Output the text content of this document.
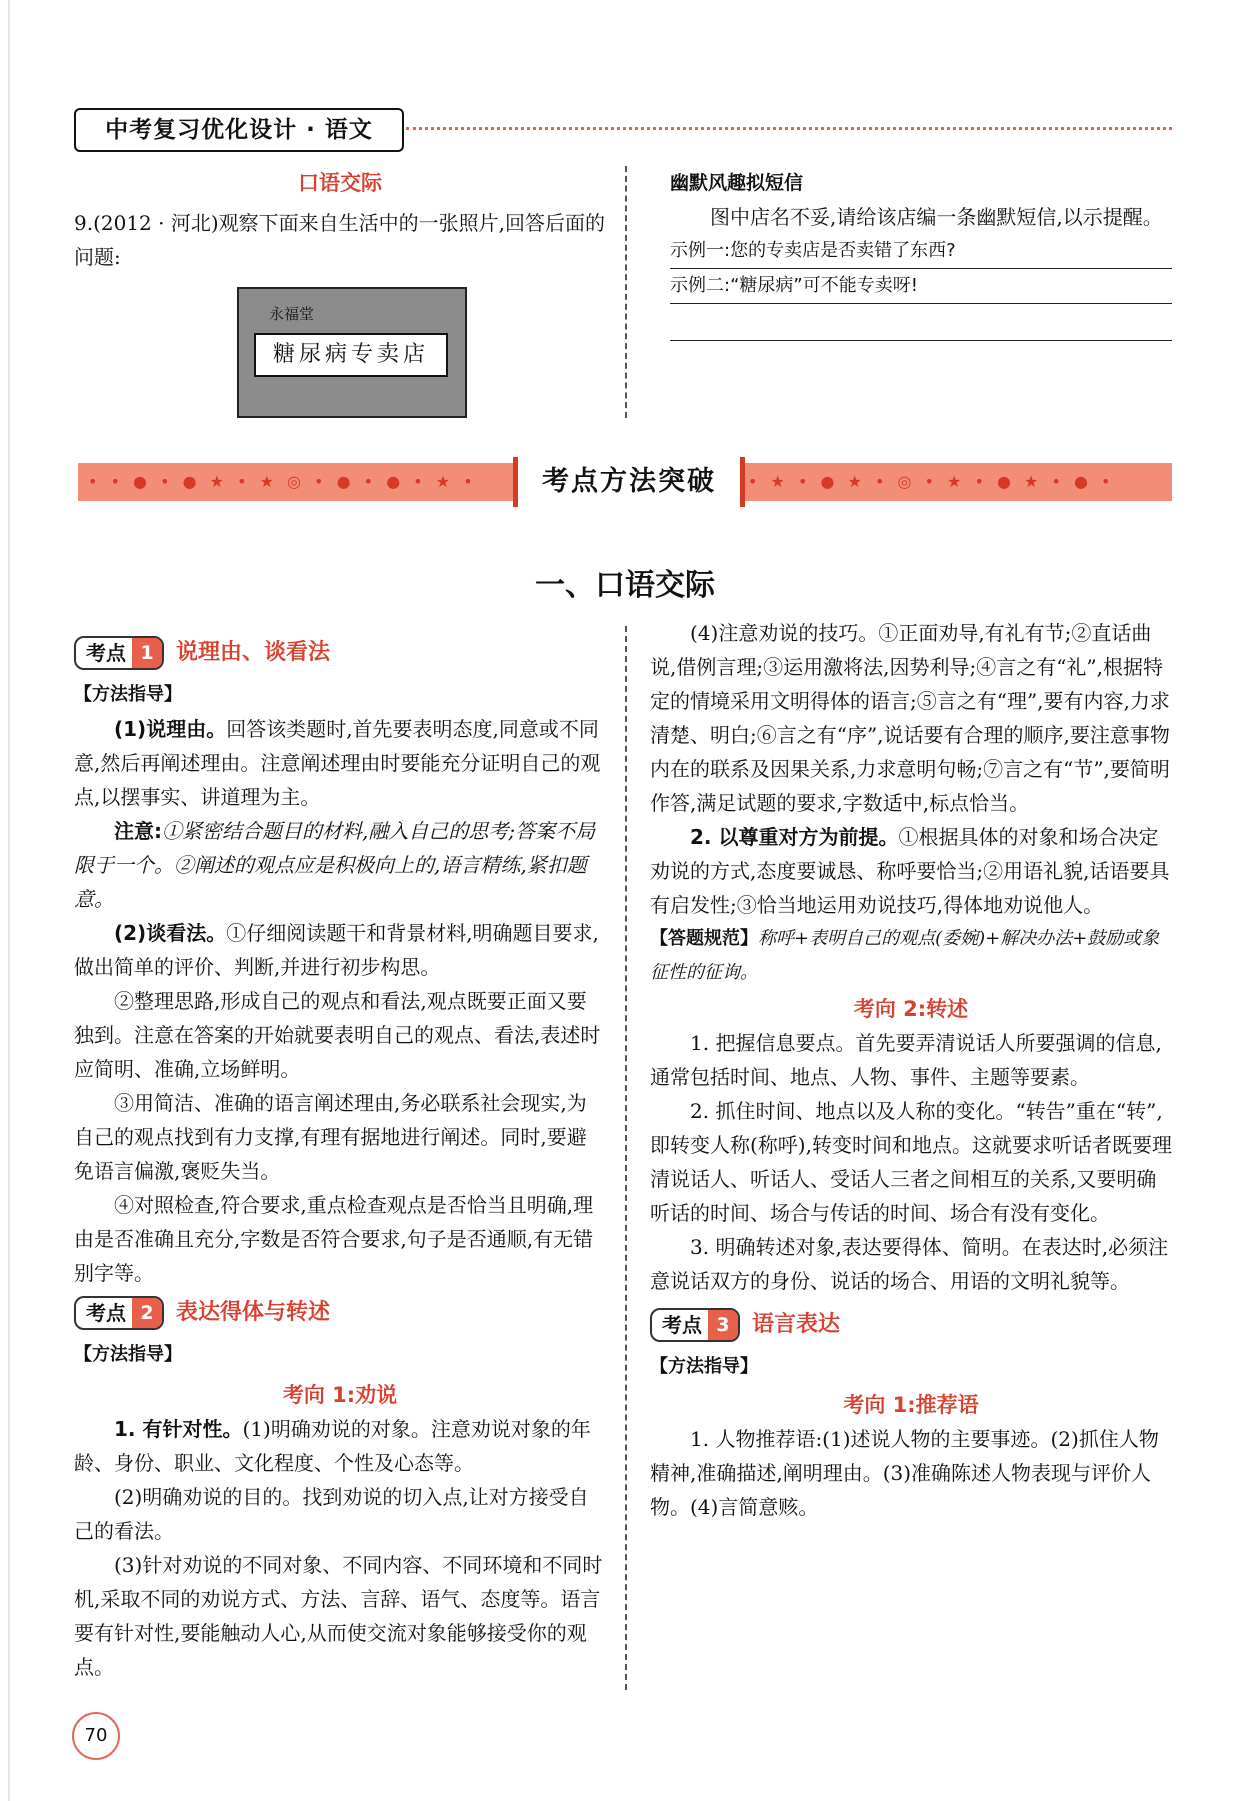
中考复习优化设计 · 语文
口语交际

9.(2012 · 河北)观察下面来自生活中的一张照片,回答后面的问题:

永福堂
糖尿病专卖店
幽默风趣拟短信

图中店名不妥,请给该店编一条幽默短信,以示提醒。

示例一:您的专卖店是否卖错了东西?
示例二:“糖尿病”可不能专卖呀!
• • ● • ● ★ • ★ ◎ • ● • ● • ★ •	• ★ • ● ★ • ◎ • ★ • ● ★ • ● •
考点方法突破
一、口语交际
考点 1	说理由、谈看法
【方法指导】

(1)说理由。回答该类题时,首先要表明态度,同意或不同意,然后再阐述理由。注意阐述理由时要能充分证明自己的观点,以摆事实、讲道理为主。

注意:①紧密结合题目的材料,融入自己的思考;答案不局限于一个。②阐述的观点应是积极向上的,语言精练,紧扣题意。

(2)谈看法。①仔细阅读题干和背景材料,明确题目要求,做出简单的评价、判断,并进行初步构思。

②整理思路,形成自己的观点和看法,观点既要正面又要独到。注意在答案的开始就要表明自己的观点、看法,表述时应简明、准确,立场鲜明。

③用简洁、准确的语言阐述理由,务必联系社会现实,为自己的观点找到有力支撑,有理有据地进行阐述。同时,要避免语言偏激,褒贬失当。

④对照检查,符合要求,重点检查观点是否恰当且明确,理由是否准确且充分,字数是否符合要求,句子是否通顺,有无错别字等。

考点 2	表达得体与转述
【方法指导】
考向 1:劝说

1. 有针对性。(1)明确劝说的对象。注意劝说对象的年龄、身份、职业、文化程度、个性及心态等。

(2)明确劝说的目的。找到劝说的切入点,让对方接受自己的看法。

(3)针对劝说的不同对象、不同内容、不同环境和不同时机,采取不同的劝说方式、方法、言辞、语气、态度等。语言要有针对性,要能触动人心,从而使交流对象能够接受你的观点。

(4)注意劝说的技巧。①正面劝导,有礼有节;②直话曲说,借例言理;③运用激将法,因势利导;④言之有“礼”,根据特定的情境采用文明得体的语言;⑤言之有“理”,要有内容,力求清楚、明白;⑥言之有“序”,说话要有合理的顺序,要注意事物内在的联系及因果关系,力求意明句畅;⑦言之有“节”,要简明作答,满足试题的要求,字数适中,标点恰当。

2. 以尊重对方为前提。①根据具体的对象和场合决定劝说的方式,态度要诚恳、称呼要恰当;②用语礼貌,话语要具有启发性;③恰当地运用劝说技巧,得体地劝说他人。

【答题规范】称呼+表明自己的观点(委婉)+解决办法+鼓励或象征性的征询。

考向 2:转述

1. 把握信息要点。首先要弄清说话人所要强调的信息,通常包括时间、地点、人物、事件、主题等要素。

2. 抓住时间、地点以及人称的变化。“转告”重在“转”,即转变人称(称呼),转变时间和地点。这就要求听话者既要理清说话人、听话人、受话人三者之间相互的关系,又要明确听话的时间、场合与传话的时间、场合有没有变化。

3. 明确转述对象,表达要得体、简明。在表达时,必须注意说话双方的身份、说话的场合、用语的文明礼貌等。

考点 3	语言表达
【方法指导】
考向 1:推荐语

1. 人物推荐语:(1)述说人物的主要事迹。(2)抓住人物精神,准确描述,阐明理由。(3)准确陈述人物表现与评价人物。(4)言简意赅。

70
